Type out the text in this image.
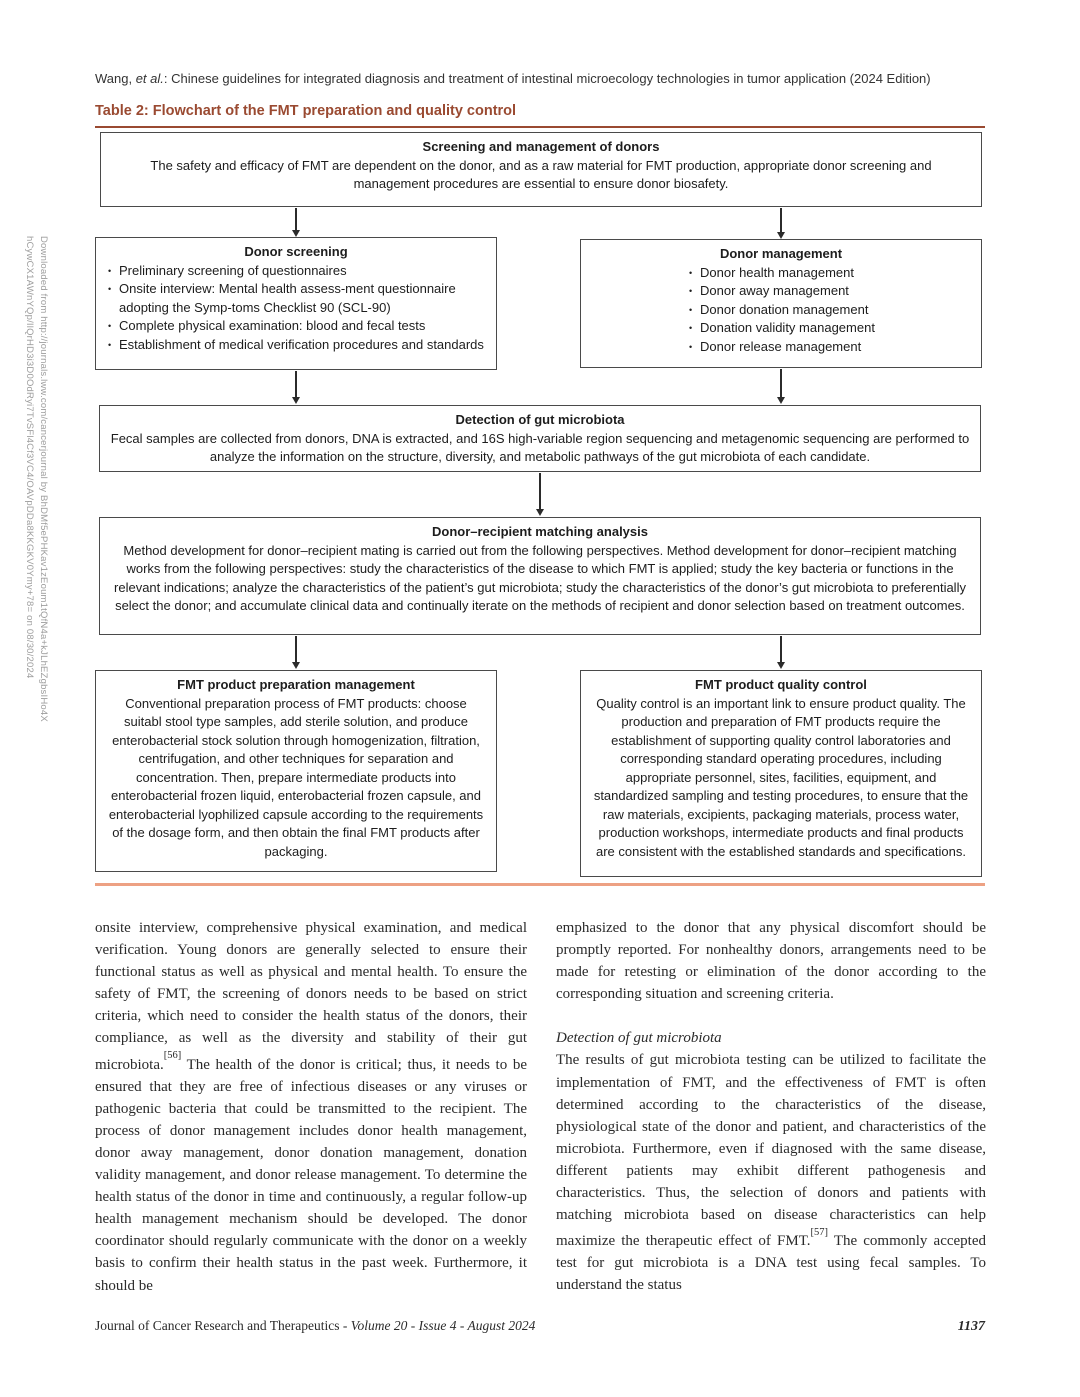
Downloaded from http://journals.lww.com/cancerjournal by BhDMf5ePHKav1zEoum1tQfN4a+kJLhEZgbsIHo4X
hCywCX1AWnYQp/IlQrHD3i3D0OdRyi7TvSFl4Cf3VC4/OAVpDDa8KKGKV0Ymy+78= on 08/30/2024
Wang, et al.: Chinese guidelines for integrated diagnosis and treatment of intestinal microecology technologies in tumor application (2024 Edition)
Table 2: Flowchart of the FMT preparation and quality control
Screening and management of donors
The safety and efficacy of FMT are dependent on the donor, and as a raw material for FMT production, appropriate donor screening and management procedures are essential to ensure donor biosafety.
Donor screening
• Preliminary screening of questionnaires
• Onsite interview: Mental health assess-ment questionnaire adopting the Symp-toms Checklist 90 (SCL-90)
• Complete physical examination: blood and fecal tests
• Establishment of medical verification procedures and standards
Donor management
• Donor health management
• Donor away management
• Donor donation management
• Donation validity management
• Donor release management
Detection of gut microbiota
Fecal samples are collected from donors, DNA is extracted, and 16S high-variable region sequencing and metagenomic sequencing are performed to analyze the information on the structure, diversity, and metabolic pathways of the gut microbiota of each candidate.
Donor–recipient matching analysis
Method development for donor–recipient mating is carried out from the following perspectives. Method development for donor–recipient matching works from the following perspectives: study the characteristics of the disease to which FMT is applied; study the key bacteria or functions in the relevant indications; analyze the characteristics of the patient’s gut microbiota; study the characteristics of the donor’s gut microbiota to preferentially select the donor; and accumulate clinical data and continually iterate on the methods of recipient and donor selection based on treatment outcomes.
FMT product preparation management
Conventional preparation process of FMT products: choose suitabl stool type samples, add sterile solution, and produce enterobacterial stock solution through homogenization, filtration, centrifugation, and other techniques for separation and concentration. Then, prepare intermediate products into enterobacterial frozen liquid, enterobacterial frozen capsule, and enterobacterial lyophilized capsule according to the requirements of the dosage form, and then obtain the final FMT products after packaging.
FMT product quality control
Quality control is an important link to ensure product quality. The production and preparation of FMT products require the establishment of supporting quality control laboratories and corresponding standard operating procedures, including appropriate personnel, sites, facilities, equipment, and standardized sampling and testing procedures, to ensure that the raw materials, excipients, packaging materials, process water, production workshops, intermediate products and final products are consistent with the established standards and specifications.

onsite interview, comprehensive physical examination, and medical verification. Young donors are generally selected to ensure their functional status as well as physical and mental health. To ensure the safety of FMT, the screening of donors needs to be based on strict criteria, which need to consider the health status of the donors, their compliance, as well as the diversity and stability of their gut microbiota.[56] The health of the donor is critical; thus, it needs to be ensured that they are free of infectious diseases or any viruses or pathogenic bacteria that could be transmitted to the recipient. The process of donor management includes donor health management, donor away management, donor donation management, donation validity management, and donor release management. To determine the health status of the donor in time and continuously, a regular follow-up health management mechanism should be developed. The donor coordinator should regularly communicate with the donor on a weekly basis to confirm their health status in the past week. Furthermore, it should be

emphasized to the donor that any physical discomfort should be promptly reported. For nonhealthy donors, arrangements need to be made for retesting or elimination of the donor according to the corresponding situation and screening criteria.

Detection of gut microbiota

The results of gut microbiota testing can be utilized to facilitate the implementation of FMT, and the effectiveness of FMT is often determined according to the characteristics of the disease, physiological state of the donor and patient, and characteristics of the microbiota. Furthermore, even if diagnosed with the same disease, different patients may exhibit different pathogenesis and characteristics. Thus, the selection of donors and patients with matching microbiota based on disease characteristics can help maximize the therapeutic effect of FMT.[57] The commonly accepted test for gut microbiota is a DNA test using fecal samples. To understand the status

Journal of Cancer Research and Therapeutics - Volume 20 - Issue 4 - August 2024	1137
